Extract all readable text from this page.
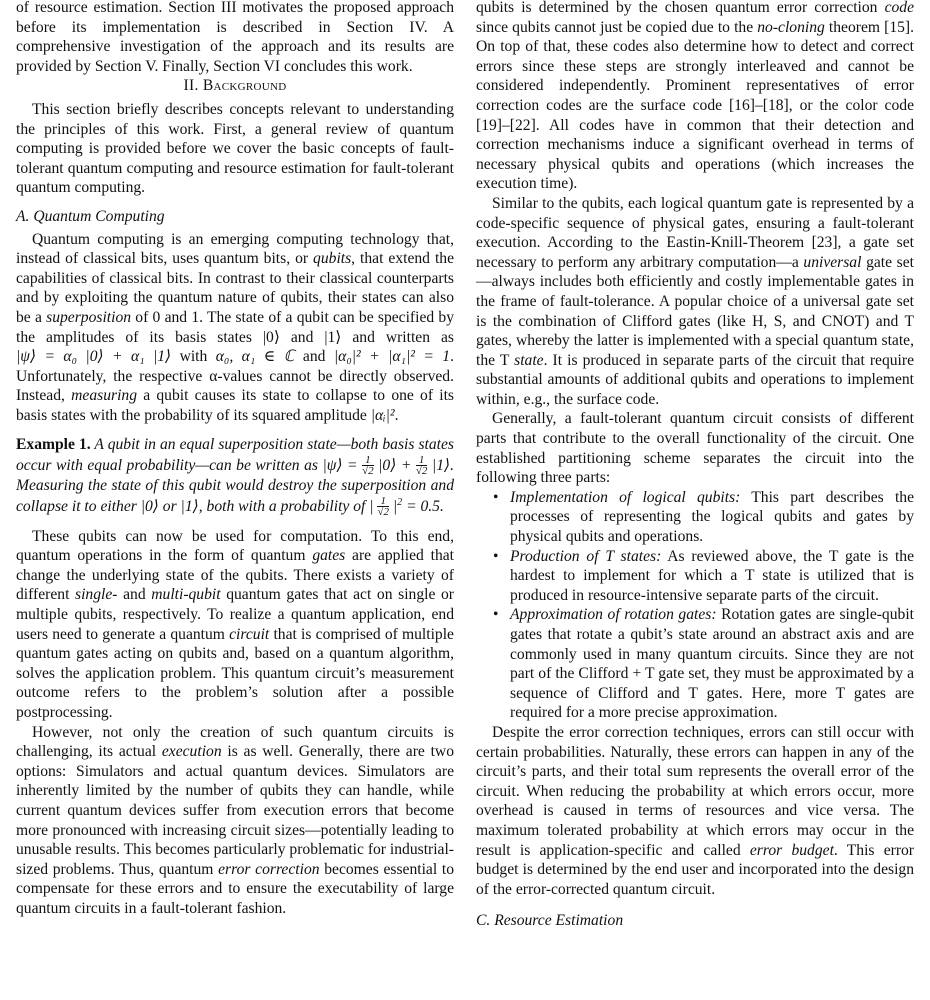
of resource estimation. Section III motivates the proposed approach before its implementation is described in Section IV. A comprehensive investigation of the approach and its results are provided by Section V. Finally, Section VI concludes this work.

II. Background

This section briefly describes concepts relevant to understanding the principles of this work. First, a general review of quantum computing is provided before we cover the basic concepts of fault-tolerant quantum computing and resource estimation for fault-tolerant quantum computing.

A. Quantum Computing

Quantum computing is an emerging computing technology that, instead of classical bits, uses quantum bits, or qubits, that extend the capabilities of classical bits. In contrast to their classical counterparts and by exploiting the quantum nature of qubits, their states can also be a superposition of 0 and 1. The state of a qubit can be specified by the amplitudes of its basis states |0⟩ and |1⟩ and written as |ψ⟩ = α₀ |0⟩ + α₁ |1⟩ with α₀, α₁ ∈ ℂ and |α₀|² + |α₁|² = 1. Unfortunately, the respective α-values cannot be directly observed. Instead, measuring a qubit causes its state to collapse to one of its basis states with the probability of its squared amplitude |αᵢ|².

Example 1. A qubit in an equal superposition state—both basis states occur with equal probability—can be written as |ψ⟩ = $\frac{1}{√2}$ |0⟩ + $\frac{1}{√2}$ |1⟩. Measuring the state of this qubit would destroy the superposition and collapse it to either |0⟩ or |1⟩, both with a probability of | $\frac{1}{√2} |^2 = 0.5$.

These qubits can now be used for computation. To this end, quantum operations in the form of quantum gates are applied that change the underlying state of the qubits. There exists a variety of different single- and multi-qubit quantum gates that act on single or multiple qubits, respectively. To realize a quantum application, end users need to generate a quantum circuit that is comprised of multiple quantum gates acting on qubits and, based on a quantum algorithm, solves the application problem. This quantum circuit’s measurement outcome refers to the problem’s solution after a possible postprocessing.

However, not only the creation of such quantum circuits is challenging, its actual execution is as well. Generally, there are two options: Simulators and actual quantum devices. Simulators are inherently limited by the number of qubits they can handle, while current quantum devices suffer from execution errors that become more pronounced with increasing circuit sizes—potentially leading to unusable results. This becomes particularly problematic for industrial-sized problems. Thus, quantum error correction becomes essential to compensate for these errors and to ensure the executability of large quantum circuits in a fault-tolerant fashion.

qubits is determined by the chosen quantum error correction code since qubits cannot just be copied due to the no-cloning theorem [15]. On top of that, these codes also determine how to detect and correct errors since these steps are strongly interleaved and cannot be considered independently. Prominent representatives of error correction codes are the surface code [16]–[18], or the color code [19]–[22]. All codes have in common that their detection and correction mechanisms induce a significant overhead in terms of necessary physical qubits and operations (which increases the execution time).

Similar to the qubits, each logical quantum gate is represented by a code-specific sequence of physical gates, ensuring a fault-tolerant execution. According to the Eastin-Knill-Theorem [23], a gate set necessary to perform any arbitrary computation—a universal gate set—always includes both efficiently and costly implementable gates in the frame of fault-tolerance. A popular choice of a universal gate set is the combination of Clifford gates (like H, S, and CNOT) and T gates, whereby the latter is implemented with a special quantum state, the T state. It is produced in separate parts of the circuit that require substantial amounts of additional qubits and operations to implement within, e.g., the surface code.

Generally, a fault-tolerant quantum circuit consists of different parts that contribute to the overall functionality of the circuit. One established partitioning scheme separates the circuit into the following three parts:

• Implementation of logical qubits: This part describes the processes of representing the logical qubits and gates by physical qubits and operations.
• Production of T states: As reviewed above, the T gate is the hardest to implement for which a T state is utilized that is produced in resource-intensive separate parts of the circuit.
• Approximation of rotation gates: Rotation gates are single-qubit gates that rotate a qubit’s state around an abstract axis and are commonly used in many quantum circuits. Since they are not part of the Clifford + T gate set, they must be approximated by a sequence of Clifford and T gates. Here, more T gates are required for a more precise approximation.

Despite the error correction techniques, errors can still occur with certain probabilities. Naturally, these errors can happen in any of the circuit’s parts, and their total sum represents the overall error of the circuit. When reducing the probability at which errors occur, more overhead is caused in terms of resources and vice versa. The maximum tolerated probability at which errors may occur in the result is application-specific and called error budget. This error budget is determined by the end user and incorporated into the design of the error-corrected quantum circuit.

C. Resource Estimation
